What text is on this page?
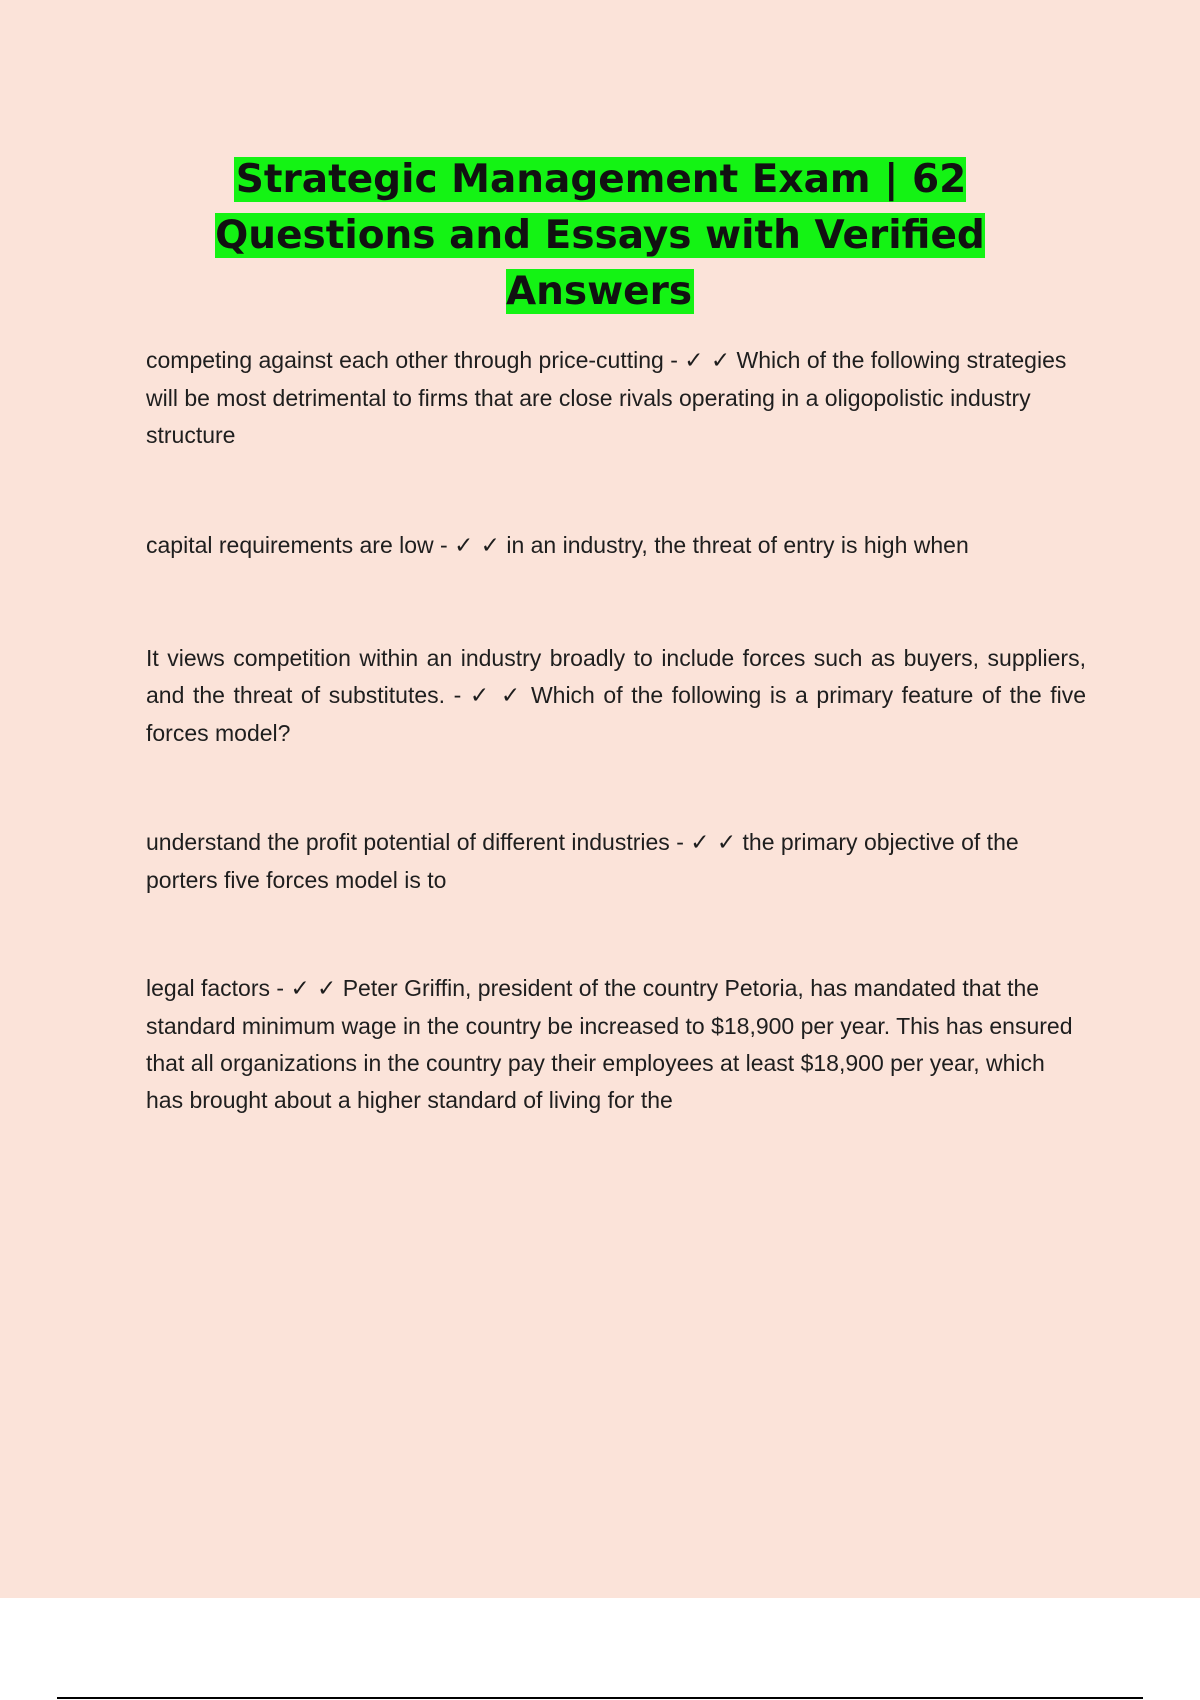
Strategic Management Exam | 62 Questions and Essays with Verified Answers

competing against each other through price-cutting - ✓ ✓ Which of the following strategies will be most detrimental to firms that are close rivals operating in a oligopolistic industry structure

capital requirements are low - ✓ ✓ in an industry, the threat of entry is high when

It views competition within an industry broadly to include forces such as buyers, suppliers, and the threat of substitutes. - ✓ ✓ Which of the following is a primary feature of the five forces model?

understand the profit potential of different industries - ✓ ✓ the primary objective of the porters five forces model is to

legal factors - ✓ ✓ Peter Griffin, president of the country Petoria, has mandated that the standard minimum wage in the country be increased to $18,900 per year. This has ensured that all organizations in the country pay their employees at least $18,900 per year, which has brought about a higher standard of living for the
